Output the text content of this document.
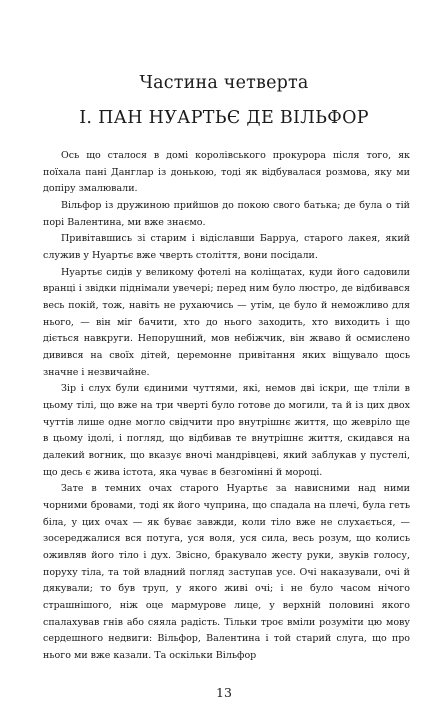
Частина четверта
I. ПАН НУАРТЬЄ ДЕ ВІЛЬФОР

Ось що сталося в домі королівського прокурора після того, як поїхала пані Данглар із донькою, тоді як відбувалася розмова, яку ми допіру змалювали.

Вільфор із дружиною прийшов до покою свого батька; де була о тій порі Валентина, ми вже знаємо.

Привітавшись зі старим і відіславши Барруа, старого лакея, який служив у Нуартьє вже чверть століття, вони посідали.

Нуартьє сидів у великому фотелі на коліщатах, куди його садовили вранці і звідки піднімали увечері; перед ним було люстро, де відбивався весь покій, тож, навіть не рухаючись — утім, це було й неможливо для нього, — він міг бачити, хто до нього заходить, хто виходить і що діється навкруги. Непорушний, мов небіжчик, він жваво й осмислено дивився на своїх дітей, церемонне привітання яких віщувало щось значне і незвичайне.

Зір і слух були єдиними чуттями, які, немов дві іскри, ще тліли в цьому тілі, що вже на три чверті було готове до могили, та й із цих двох чуттів лише одне могло свідчити про внутрішнє життя, що жевріло ще в цьому ідолі, і погляд, що відбивав те внутрішнє життя, скидався на далекий вогник, що вказує вночі мандрівцеві, який заблукав у пустелі, що десь є жива істота, яка чуває в безгомінні й мороці.

Зате в темних очах старого Нуартьє за нависними над ними чорними бровами, тоді як його чуприна, що спадала на плечі, була геть біла, у цих очах — як буває завжди, коли тіло вже не слухається, — зосереджалися вся потуга, уся воля, уся сила, весь розум, що колись оживляв його тіло і дух. Звісно, бракувало жесту руки, звуків голосу, поруху тіла, та той владний погляд заступав усе. Очі наказували, очі й дякували; то був труп, у якого живі очі; і не було часом нічого страшнішого, ніж оце мармурове лице, у верхній половині якого спалахував гнів або сяяла радість. Тільки троє вміли розуміти цю мову сердешного недвиги: Вільфор, Валентина і той старий слуга, що про нього ми вже казали. Та оскільки Вільфор

13
